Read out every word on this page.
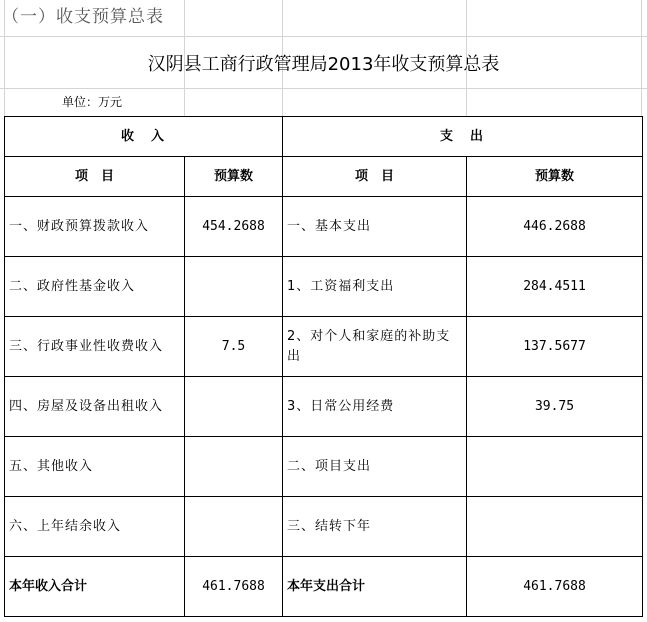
（一）收支预算总表
汉阴县工商行政管理局2013年收支预算总表
单位：万元
收　入		支　出	
项　目	预算数	项　目	预算数
一、财政预算拨款收入	454.2688	一、基本支出	446.2688
二、政府性基金收入		1、工资福利支出	284.4511
三、行政事业性收费收入	7.5	2、对个人和家庭的补助支出	137.5677
四、房屋及设备出租收入		3、日常公用经费	39.75
五、其他收入		二、项目支出	
六、上年结余收入		三、结转下年	
本年收入合计	461.7688	本年支出合计	461.7688
